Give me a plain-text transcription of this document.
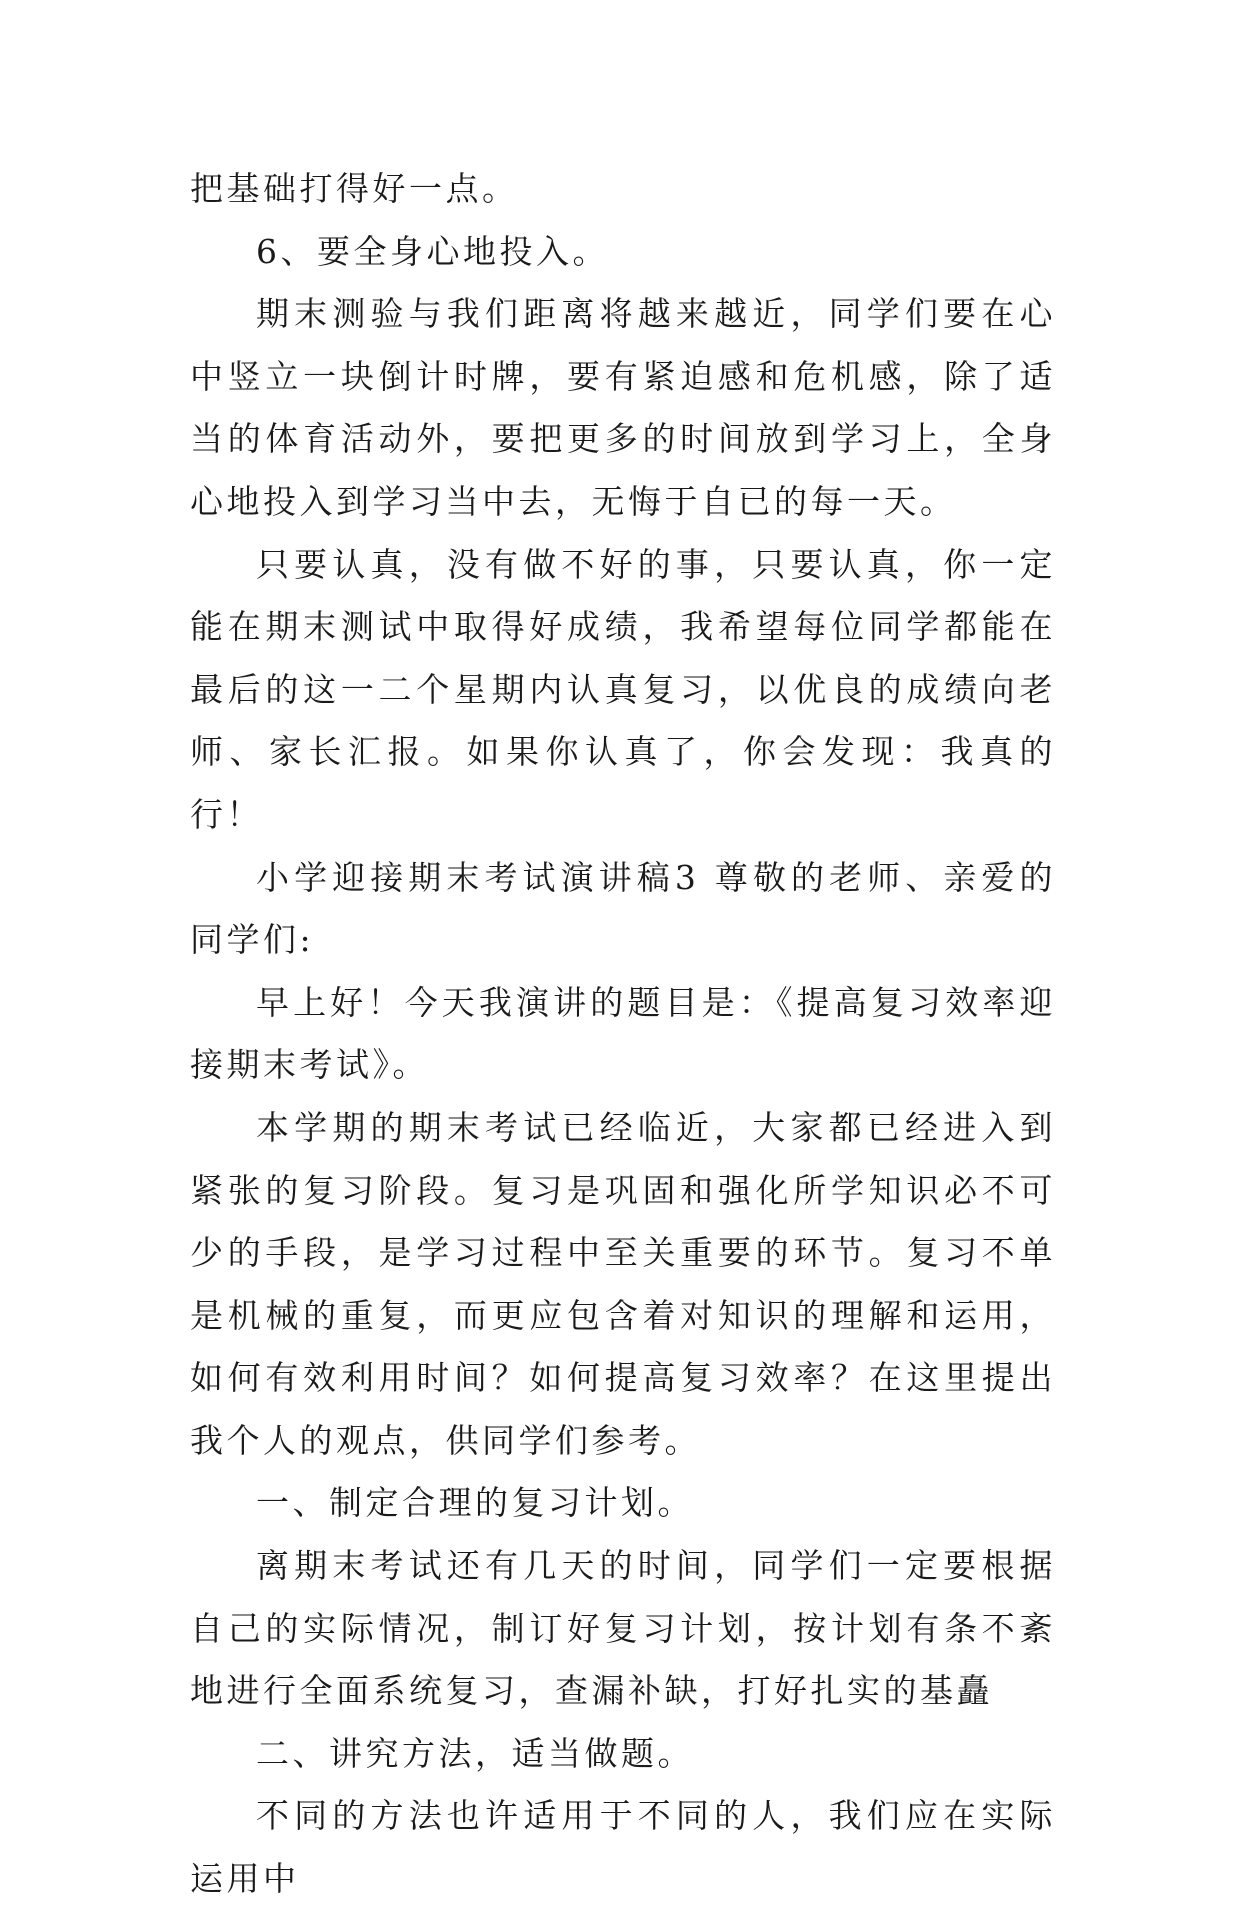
把基础打得好一点。

6、要全身心地投入。

期末测验与我们距离将越来越近，同学们要在心中竖立一块倒计时牌，要有紧迫感和危机感，除了适当的体育活动外，要把更多的时间放到学习上，全身心地投入到学习当中去，无悔于自已的每一天。

只要认真，没有做不好的事，只要认真，你一定能在期末测试中取得好成绩，我希望每位同学都能在最后的这一二个星期内认真复习，以优良的成绩向老师、家长汇报。如果你认真了，你会发现：我真的行！

小学迎接期末考试演讲稿3 尊敬的老师、亲爱的同学们:

早上好！今天我演讲的题目是：《提高复习效率迎接期末考试》。

本学期的期末考试已经临近，大家都已经进入到紧张的复习阶段。复习是巩固和强化所学知识必不可少的手段，是学习过程中至关重要的环节。复习不单是机械的重复，而更应包含着对知识的理解和运用，如何有效利用时间？如何提高复习效率？在这里提出我个人的观点，供同学们参考。

一、制定合理的复习计划。

离期末考试还有几天的时间，同学们一定要根据自己的实际情况，制订好复习计划，按计划有条不紊地进行全面系统复习，查漏补缺，打好扎实的基矗

二、讲究方法，适当做题。

不同的方法也许适用于不同的人，我们应在实际运用中
